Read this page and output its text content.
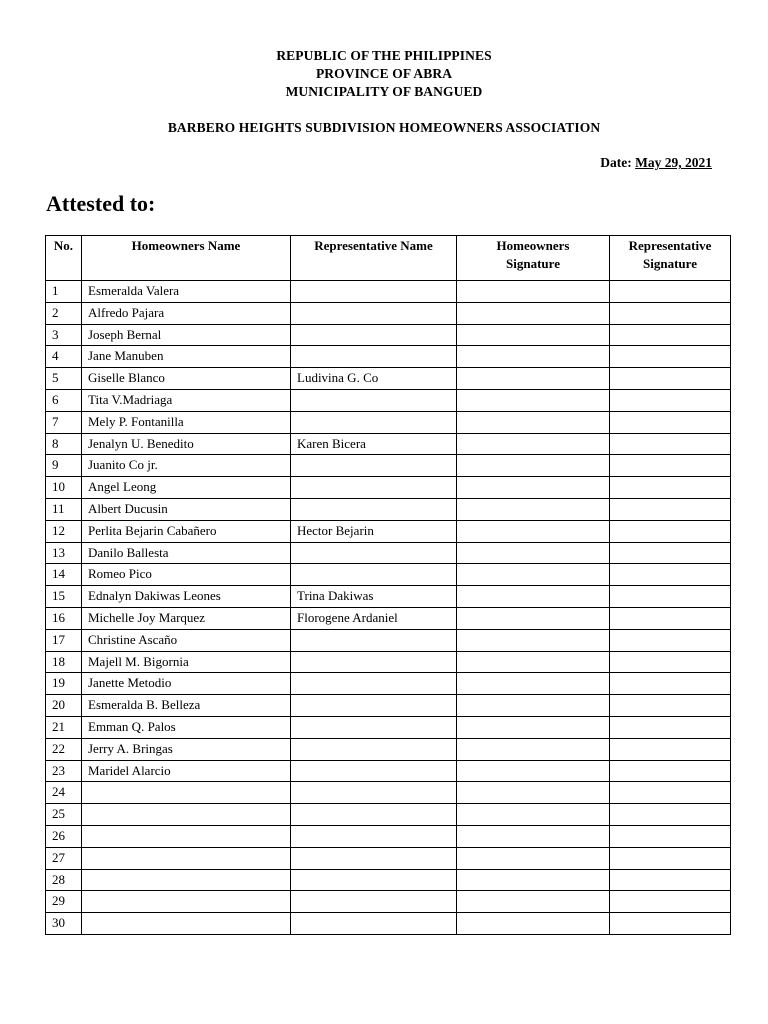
REPUBLIC OF THE PHILIPPINES
PROVINCE OF ABRA
MUNICIPALITY OF BANGUED
BARBERO HEIGHTS SUBDIVISION HOMEOWNERS ASSOCIATION
Date: May 29, 2021
Attested to:
No.	Homeowners Name	Representative Name	Homeowners Signature	Representative Signature
1	Esmeralda Valera			
2	Alfredo Pajara			
3	Joseph Bernal			
4	Jane Manuben			
5	Giselle Blanco	Ludivina G. Co		
6	Tita V.Madriaga			
7	Mely P. Fontanilla			
8	Jenalyn U. Benedito	Karen Bicera		
9	Juanito Co jr.			
10	Angel Leong			
11	Albert Ducusin			
12	Perlita Bejarin Cabañero	Hector Bejarin		
13	Danilo Ballesta			
14	Romeo Pico			
15	Ednalyn Dakiwas Leones	Trina Dakiwas		
16	Michelle Joy Marquez	Florogene Ardaniel		
17	Christine Ascaño			
18	Majell M. Bigornia			
19	Janette Metodio			
20	Esmeralda B. Belleza			
21	Emman Q. Palos			
22	Jerry A. Bringas			
23	Maridel Alarcio			
24				
25				
26				
27				
28				
29				
30				
